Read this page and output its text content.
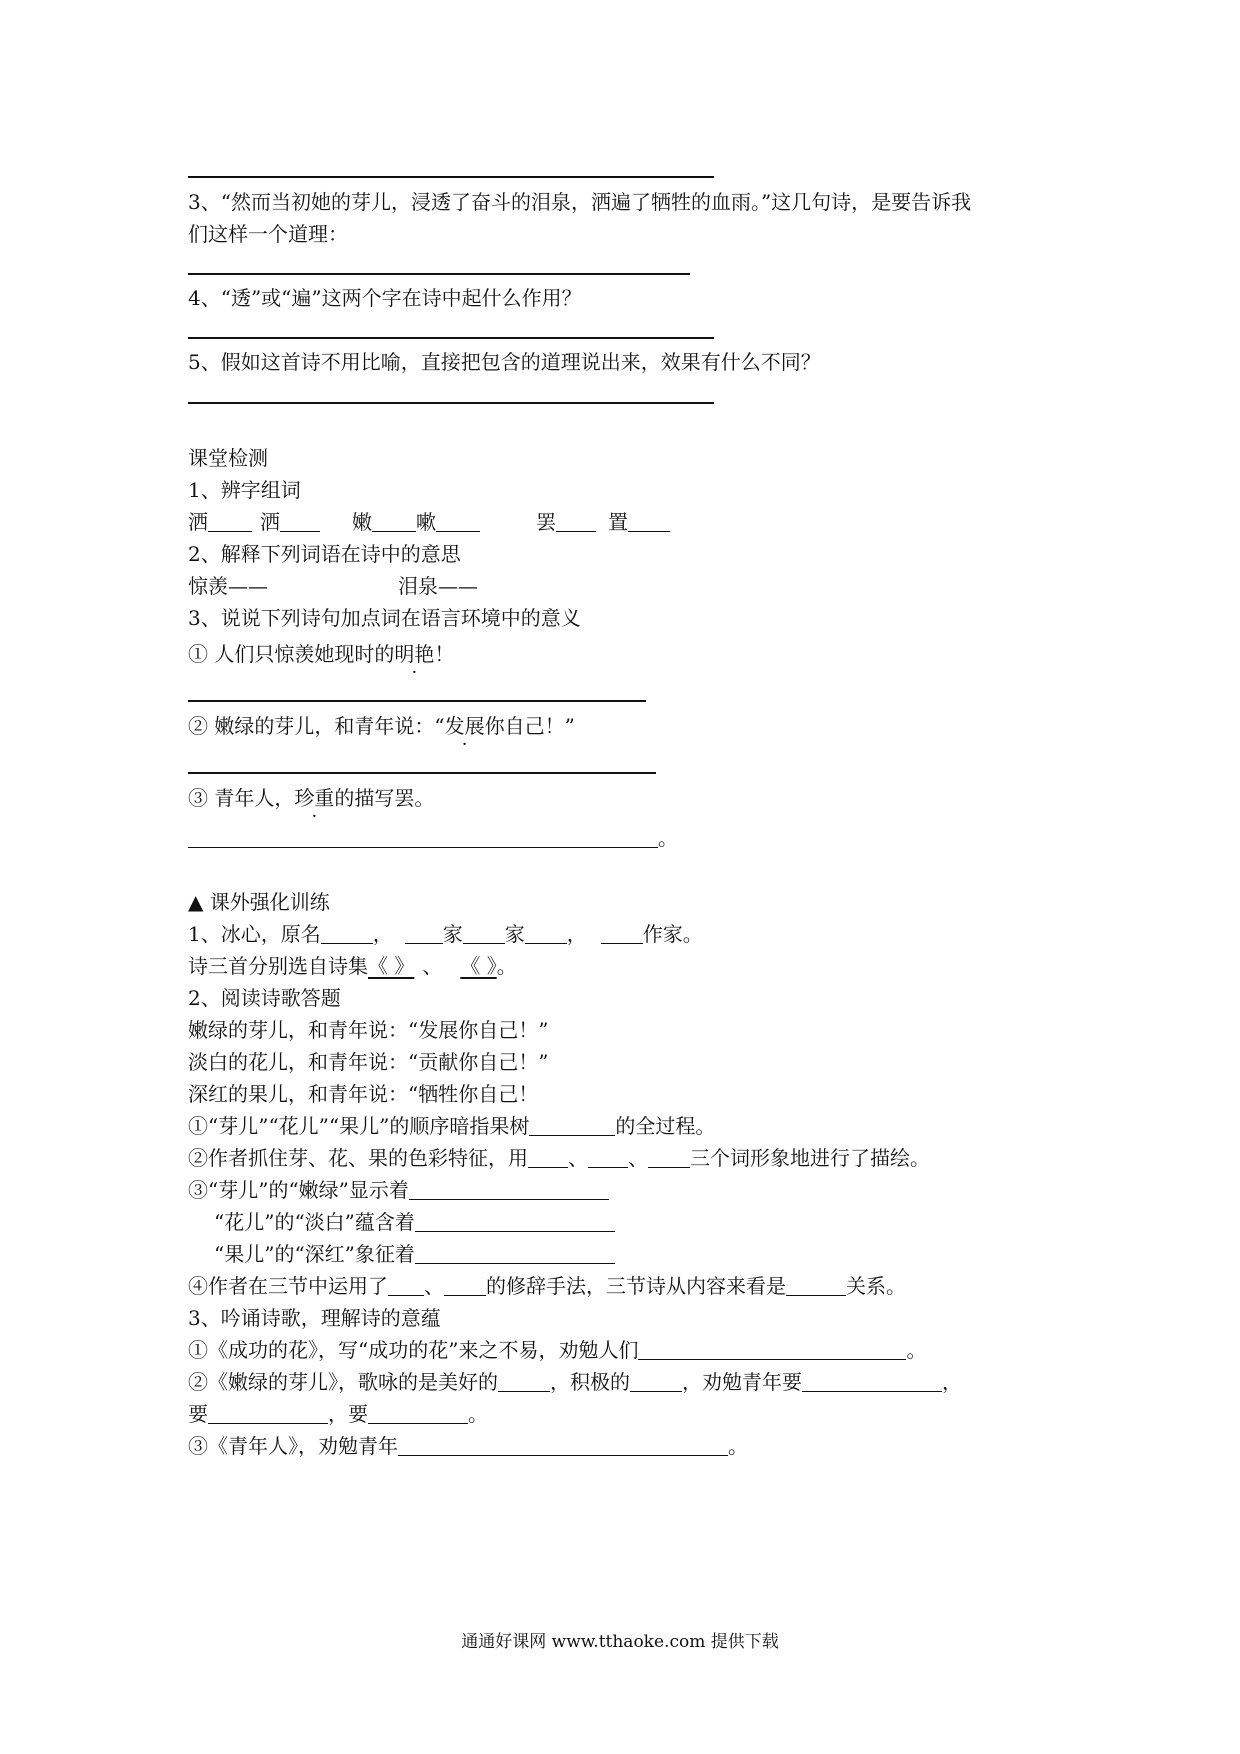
3、“然而当初她的芽儿，浸透了奋斗的泪泉，洒遍了牺牲的血雨。”这几句诗，是要告诉我
们这样一个道理：
4、“透”或“遍”这两个字在诗中起什么作用？
5、假如这首诗不用比喻，直接把包含的道理说出来，效果有什么不同？
课堂检测
1、辨字组词
洒	洒	嫩 嗽	罢	置
2、解释下列词语在诗中的意思
惊羡——	泪泉——
3、说说下列诗句加点词在语言环境中的意义
① 人们只惊羡她现时的明艳！
② 嫩绿的芽儿，和青年说：“发展你自己！”
③ 青年人，珍重的描写罢。
。
▲ 课外强化训练
1、冰心，原名	，	家 家 ，	作家。
诗三首分别选自诗集《 》 、 《 》。
2、阅读诗歌答题
嫩绿的芽儿，和青年说：“发展你自己！”
淡白的花儿，和青年说：“贡献你自己！”
深红的果儿，和青年说：“牺牲你自己！
①“芽儿”“花儿”“果儿”的顺序暗指果树	的全过程。
②作者抓住芽、花、果的色彩特征，用 、 、 三个词形象地进行了描绘。
③“芽儿”的“嫩绿”显示着
“花儿”的“淡白”蕴含着
“果儿”的“深红”象征着
④作者在三节中运用了 、 的修辞手法，三节诗从内容来看是	关系。
3、吟诵诗歌，理解诗的意蕴
①《成功的花》，写“成功的花”来之不易，劝勉人们	。
②《嫩绿的芽儿》，歌咏的是美好的	，积极的	，劝勉青年要	，
要	，要	。
③《青年人》，劝勉青年	。
通通好课网 www.tthaoke.com 提供下载
